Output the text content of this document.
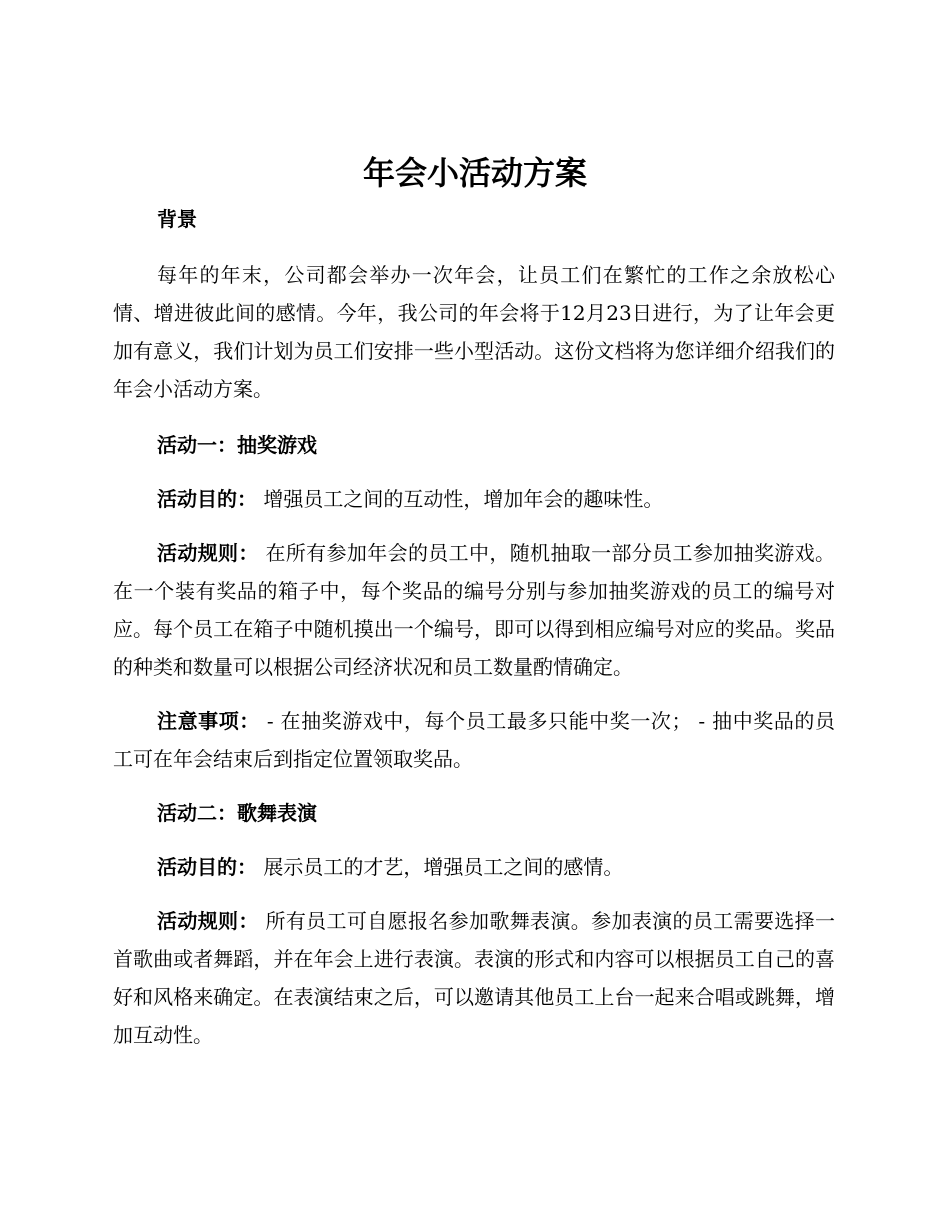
年会小活动方案

背景

每年的年末，公司都会举办一次年会，让员工们在繁忙的工作之余放松心情、增进彼此间的感情。今年，我公司的年会将于12月23日进行，为了让年会更加有意义，我们计划为员工们安排一些小型活动。这份文档将为您详细介绍我们的年会小活动方案。

活动一：抽奖游戏

活动目的： 增强员工之间的互动性，增加年会的趣味性。

活动规则： 在所有参加年会的员工中，随机抽取一部分员工参加抽奖游戏。在一个装有奖品的箱子中，每个奖品的编号分别与参加抽奖游戏的员工的编号对应。每个员工在箱子中随机摸出一个编号，即可以得到相应编号对应的奖品。奖品的种类和数量可以根据公司经济状况和员工数量酌情确定。

注意事项： - 在抽奖游戏中，每个员工最多只能中奖一次； - 抽中奖品的员工可在年会结束后到指定位置领取奖品。

活动二：歌舞表演

活动目的： 展示员工的才艺，增强员工之间的感情。

活动规则： 所有员工可自愿报名参加歌舞表演。参加表演的员工需要选择一首歌曲或者舞蹈，并在年会上进行表演。表演的形式和内容可以根据员工自己的喜好和风格来确定。在表演结束之后，可以邀请其他员工上台一起来合唱或跳舞，增加互动性。
